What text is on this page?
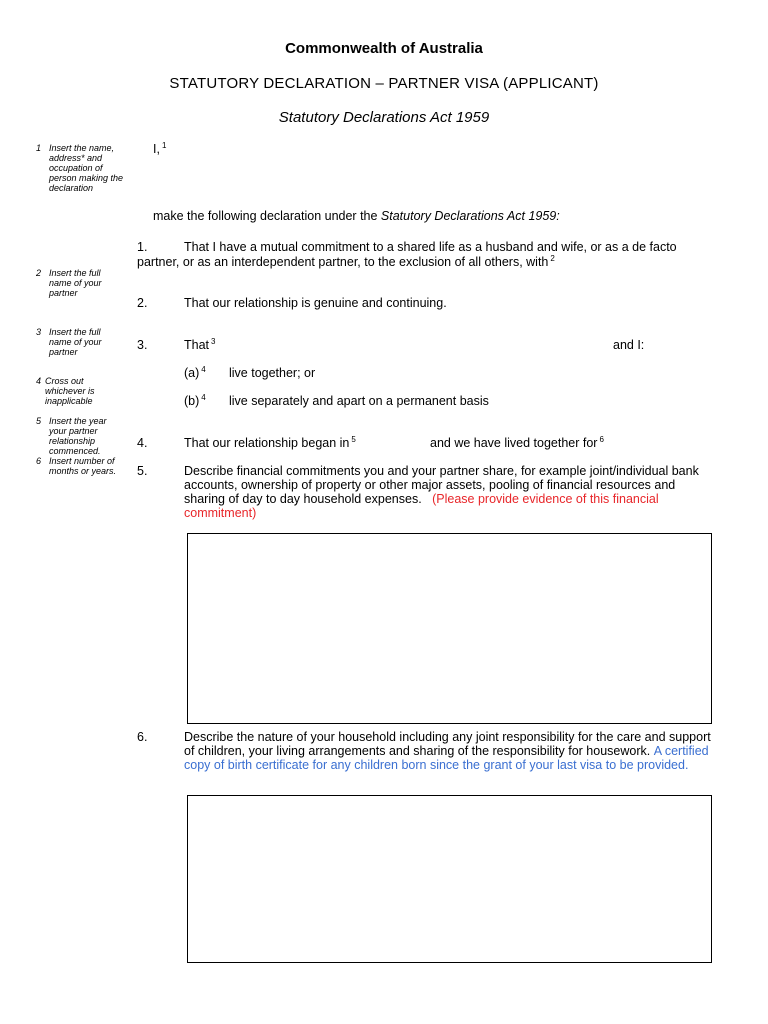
Commonwealth of Australia
STATUTORY DECLARATION – PARTNER VISA (APPLICANT)
Statutory Declarations Act 1959
1 Insert the name, address* and occupation of person making the declaration
2 Insert the full name of your partner
3 Insert the full name of your partner
4 Cross out whichever is inapplicable
5 Insert the year your partner relationship commenced.
6 Insert number of months or years.
I, $^1$
make the following declaration under the Statutory Declarations Act 1959:
1.	That I have a mutual commitment to a shared life as a husband and wife, or as a de facto
partner, or as an interdependent partner, to the exclusion of all others, with $^2$
2.	That our relationship is genuine and continuing.
3.	That $^3$	and I:
(a) $^4$ live together; or
(b) $^4$ live separately and apart on a permanent basis
4.	That our relationship began in $^5$	and we have lived together for $^6$
5.	Describe financial commitments you and your partner share, for example joint/individual bank
accounts, ownership of property or other major assets, pooling of financial resources and
sharing of day to day household expenses. (Please provide evidence of this financial
commitment)
6.	Describe the nature of your household including any joint responsibility for the care and support
of children, your living arrangements and sharing of the responsibility for housework. A certified
copy of birth certificate for any children born since the grant of your last visa to be provided.
